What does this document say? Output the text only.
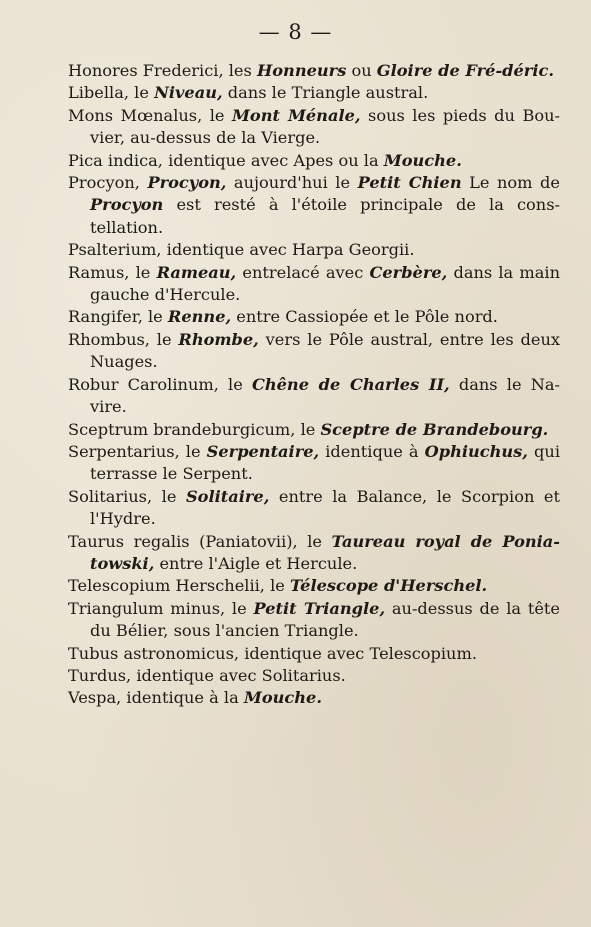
— 8 —

Honores Frederici, les Honneurs ou Gloire de Fré-déric.

Libella, le Niveau, dans le Triangle austral.

Mons Mœnalus, le Mont Ménale, sous les pieds du Bou-vier, au-dessus de la Vierge.

Pica indica, identique avec Apes ou la Mouche.

Procyon, Procyon, aujourd'hui le Petit Chien Le nom de Procyon est resté à l'étoile principale de la cons-tellation.

Psalterium, identique avec Harpa Georgii.

Ramus, le Rameau, entrelacé avec Cerbère, dans la main gauche d'Hercule.

Rangifer, le Renne, entre Cassiopée et le Pôle nord.

Rhombus, le Rhombe, vers le Pôle austral, entre les deux Nuages.

Robur Carolinum, le Chêne de Charles II, dans le Na-vire.

Sceptrum brandeburgicum, le Sceptre de Brandebourg.

Serpentarius, le Serpentaire, identique à Ophiuchus, qui terrasse le Serpent.

Solitarius, le Solitaire, entre la Balance, le Scorpion et l'Hydre.

Taurus regalis (Paniatovii), le Taureau royal de Ponia-towski, entre l'Aigle et Hercule.

Telescopium Herschelii, le Télescope d'Herschel.

Triangulum minus, le Petit Triangle, au-dessus de la tête du Bélier, sous l'ancien Triangle.

Tubus astronomicus, identique avec Telescopium.

Turdus, identique avec Solitarius.

Vespa, identique à la Mouche.
